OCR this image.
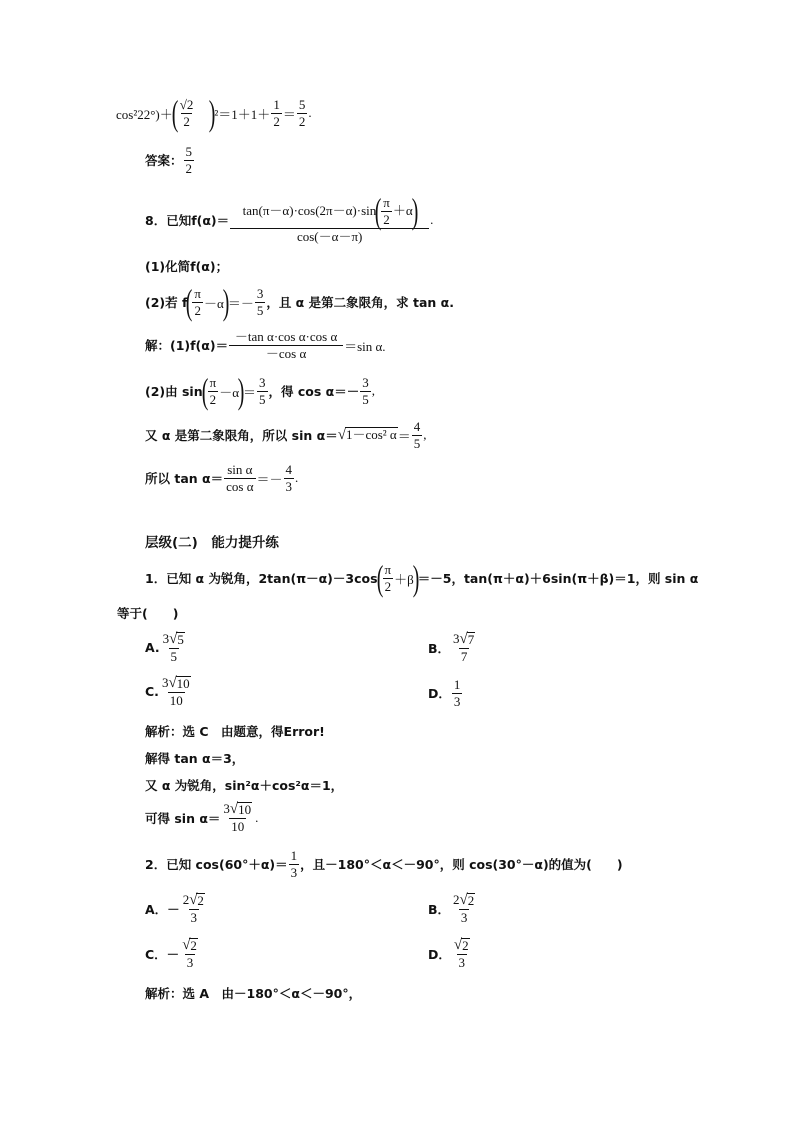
cos²22°)＋
( $\frac{√2}{2}$ )
$^2=1+1+ \frac{1}{2} = \frac{5}{2}$ .
答案： $\frac{5}{2}$
8．已知f(α)＝ tan(π－α)·cos(2π－α)·sin
( $\frac{\pi}{2} +\alpha$
)
cos(－α－π) .
(1)化简f(α)；
(2)若 f
( $\frac{\pi}{2} -\alpha$
)
＝－ $\frac{3}{5}$ ，且 α 是第二象限角，求 tan α.
解：$(1)f(\alpha)= \frac{\text{－tan α·cos α·cos α}}{\text{－cos α}} =\sin$ α.
(2)由 sin
( $\frac{\pi}{2} -\alpha$
)
＝ $\frac{3}{5}$ ，得 $\cos \alpha=- \frac{3}{5}$ ,
又 α 是第二象限角，所以 sin α＝ √ 1－cos² $\alpha = \frac{4}{5}$ ,
所以 $\tan \alpha= \frac{\text{sin α}}{\text{cos α}} =- \frac{4}{3}$ .
层级(二)　能力提升练
1．已知 α 为锐角，2tan(π－α)－3cos
( $\frac{\pi}{2} +\beta$
)
＝－5，tan(π＋α)＋6sin(π＋β)＝1，则 sin α
等于(　　)
A. $\frac{3 √ 5}{5}$	B． $\frac{3 √ 7}{7}$
C. $\frac{3 √ 10}{10}$	D． $\frac{1}{3}$
解析：选 C　由题意，得Error!
解得 tan α＝3，
又 α 为锐角，sin²α＋cos²α＝1，
可得 $\sin \alpha= \frac{3 √ 10}{10}$ .
2．已知 $\cos(60^\circ+\alpha)= \frac{1}{3}$ ，且－180°＜α＜－90°，则 cos(30°－α)的值为(　　)
A．－ $\frac{2 √ 2}{3}$	B． $\frac{2 √ 2}{3}$
C．－ $\frac{√ 2}{3}$	D． $\frac{√ 2}{3}$
解析：选 A　由－180°＜α＜－90°，
